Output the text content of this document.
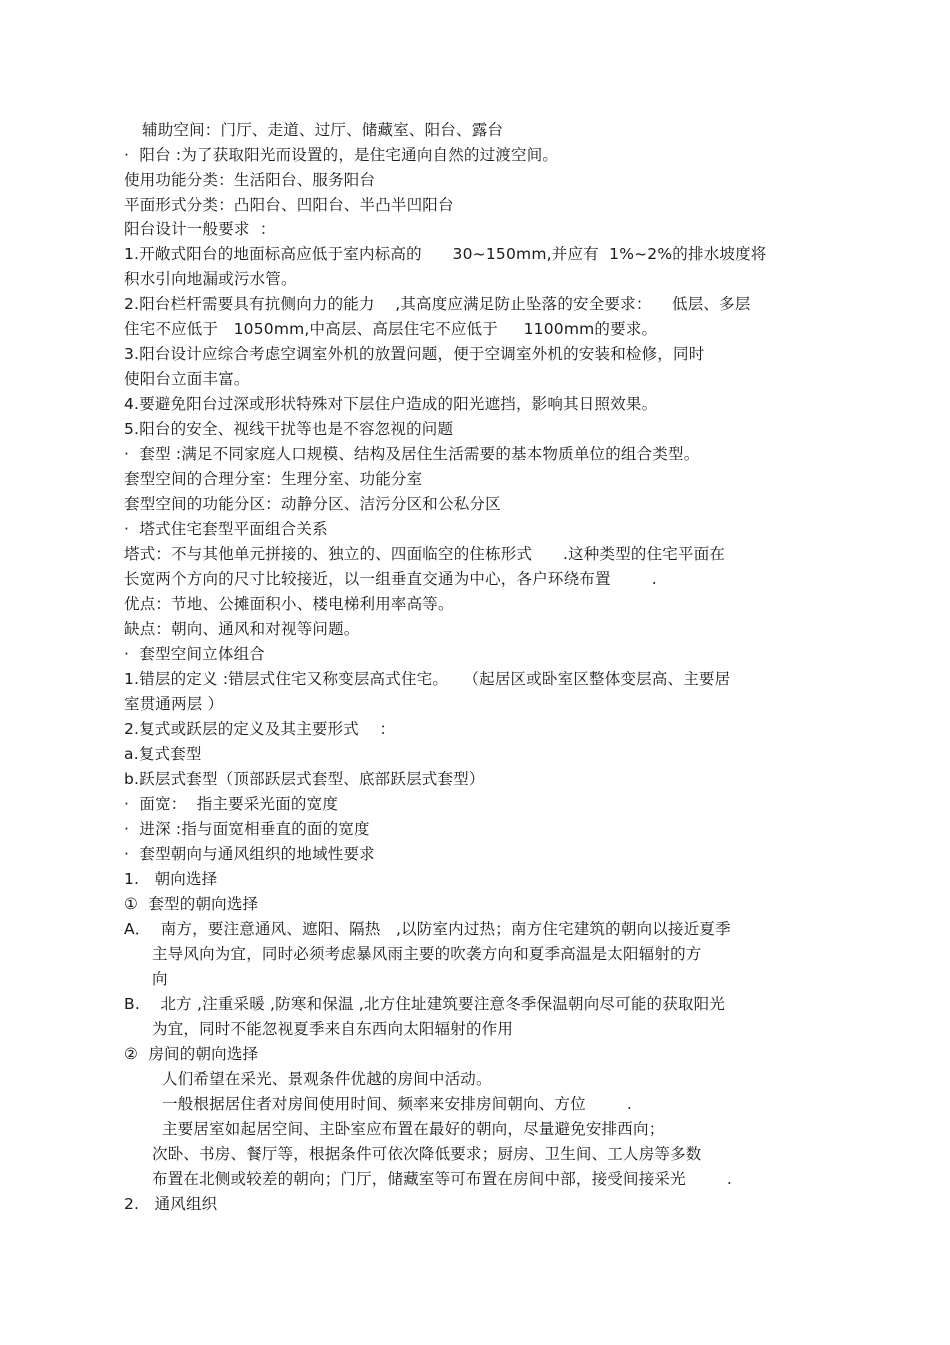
辅助空间：门厅、走道、过厅、储藏室、阳台、露台
·  阳台 :为了获取阳光而设置的，是住宅通向自然的过渡空间。
使用功能分类：生活阳台、服务阳台
平面形式分类：凸阳台、凹阳台、半凸半凹阳台
阳台设计一般要求  ：
1.开敞式阳台的地面标高应低于室内标高的      30~150mm,并应有  1%~2%的排水坡度将
积水引向地漏或污水管。
2.阳台栏杆需要具有抗侧向力的能力    ,其高度应满足防止坠落的安全要求：    低层、多层
住宅不应低于   1050mm,中高层、高层住宅不应低于     1100mm的要求。
3.阳台设计应综合考虑空调室外机的放置问题，便于空调室外机的安装和检修，同时
使阳台立面丰富。
4.要避免阳台过深或形状特殊对下层住户造成的阳光遮挡，影响其日照效果。
5.阳台的安全、视线干扰等也是不容忽视的问题
·  套型 :满足不同家庭人口规模、结构及居住生活需要的基本物质单位的组合类型。
套型空间的合理分室：生理分室、功能分室
套型空间的功能分区：动静分区、洁污分区和公私分区
·  塔式住宅套型平面组合关系
塔式：不与其他单元拼接的、独立的、四面临空的住栋形式      .这种类型的住宅平面在
长宽两个方向的尺寸比较接近，以一组垂直交通为中心，各户环绕布置        .
优点：节地、公摊面积小、楼电梯利用率高等。
缺点：朝向、通风和对视等问题。
·  套型空间立体组合
1.错层的定义 :错层式住宅又称变层高式住宅。   （起居区或卧室区整体变层高、主要居
室贯通两层 ）
2.复式或跃层的定义及其主要形式    ：
a.复式套型
b.跃层式套型（顶部跃层式套型、底部跃层式套型）
·  面宽：  指主要采光面的宽度
·  进深 :指与面宽相垂直的面的宽度
·  套型朝向与通风组织的地域性要求
1.   朝向选择
①  套型的朝向选择
A．  南方，要注意通风、遮阳、隔热   ,以防室内过热；南方住宅建筑的朝向以接近夏季
主导风向为宜，同时必须考虑暴风雨主要的吹袭方向和夏季高温是太阳辐射的方
向
B.    北方 ,注重采暖 ,防寒和保温 ,北方住址建筑要注意冬季保温朝向尽可能的获取阳光
为宜，同时不能忽视夏季来自东西向太阳辐射的作用
②  房间的朝向选择
人们希望在采光、景观条件优越的房间中活动。
一般根据居住者对房间使用时间、频率来安排房间朝向、方位        .
主要居室如起居空间、主卧室应布置在最好的朝向，尽量避免安排西向；
次卧、书房、餐厅等，根据条件可依次降低要求；厨房、卫生间、工人房等多数
布置在北侧或较差的朝向；门厅，储藏室等可布置在房间中部，接受间接采光        .
2.   通风组织
